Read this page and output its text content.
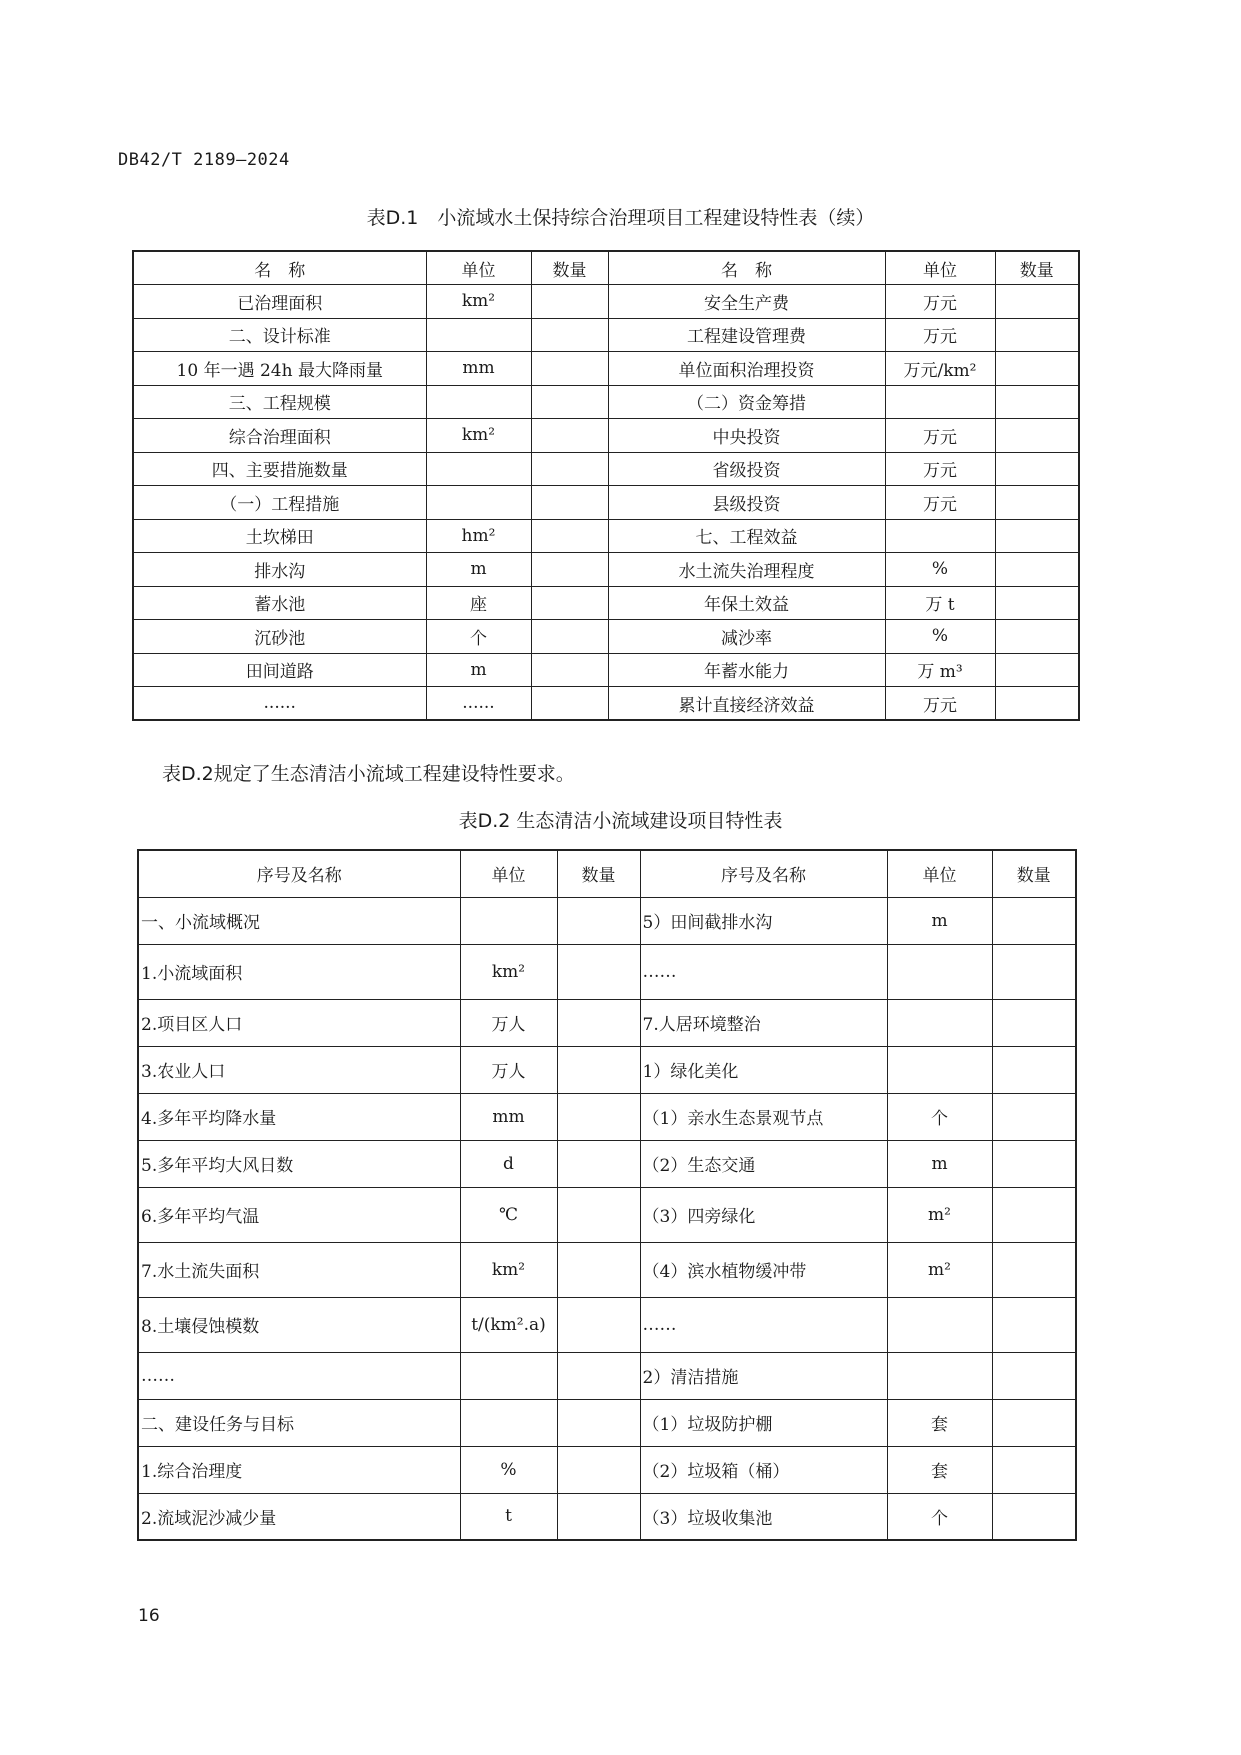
DB42/T 2189—2024
表D.1　小流域水土保持综合治理项目工程建设特性表（续）
名　称	单位	数量	名　称	单位	数量
已治理面积	km²		安全生产费	万元	
二、设计标准			工程建设管理费	万元	
10 年一遇 24h 最大降雨量	mm		单位面积治理投资	万元/km²	
三、工程规模			（二）资金筹措		
综合治理面积	km²		中央投资	万元	
四、主要措施数量			省级投资	万元	
（一）工程措施			县级投资	万元	
土坎梯田	hm²		七、工程效益		
排水沟	m		水土流失治理程度	%	
蓄水池	座		年保土效益	万 t	
沉砂池	个		减沙率	%	
田间道路	m		年蓄水能力	万 m³	
......	......		累计直接经济效益	万元	
表D.2规定了生态清洁小流域工程建设特性要求。
表D.2 生态清洁小流域建设项目特性表
序号及名称	单位	数量	序号及名称	单位	数量
一、小流域概况			5）田间截排水沟	m	
1.小流域面积	km²		……		
2.项目区人口	万人		7.人居环境整治		
3.农业人口	万人		1）绿化美化		
4.多年平均降水量	mm		（1）亲水生态景观节点	个	
5.多年平均大风日数	d		（2）生态交通	m	
6.多年平均气温	℃		（3）四旁绿化	m²	
7.水土流失面积	km²		（4）滨水植物缓冲带	m²	
8.土壤侵蚀模数	t/(km².a)		……		
……			2）清洁措施		
二、建设任务与目标			（1）垃圾防护棚	套	
1.综合治理度	%		（2）垃圾箱（桶）	套	
2.流域泥沙减少量	t		（3）垃圾收集池	个	
16
